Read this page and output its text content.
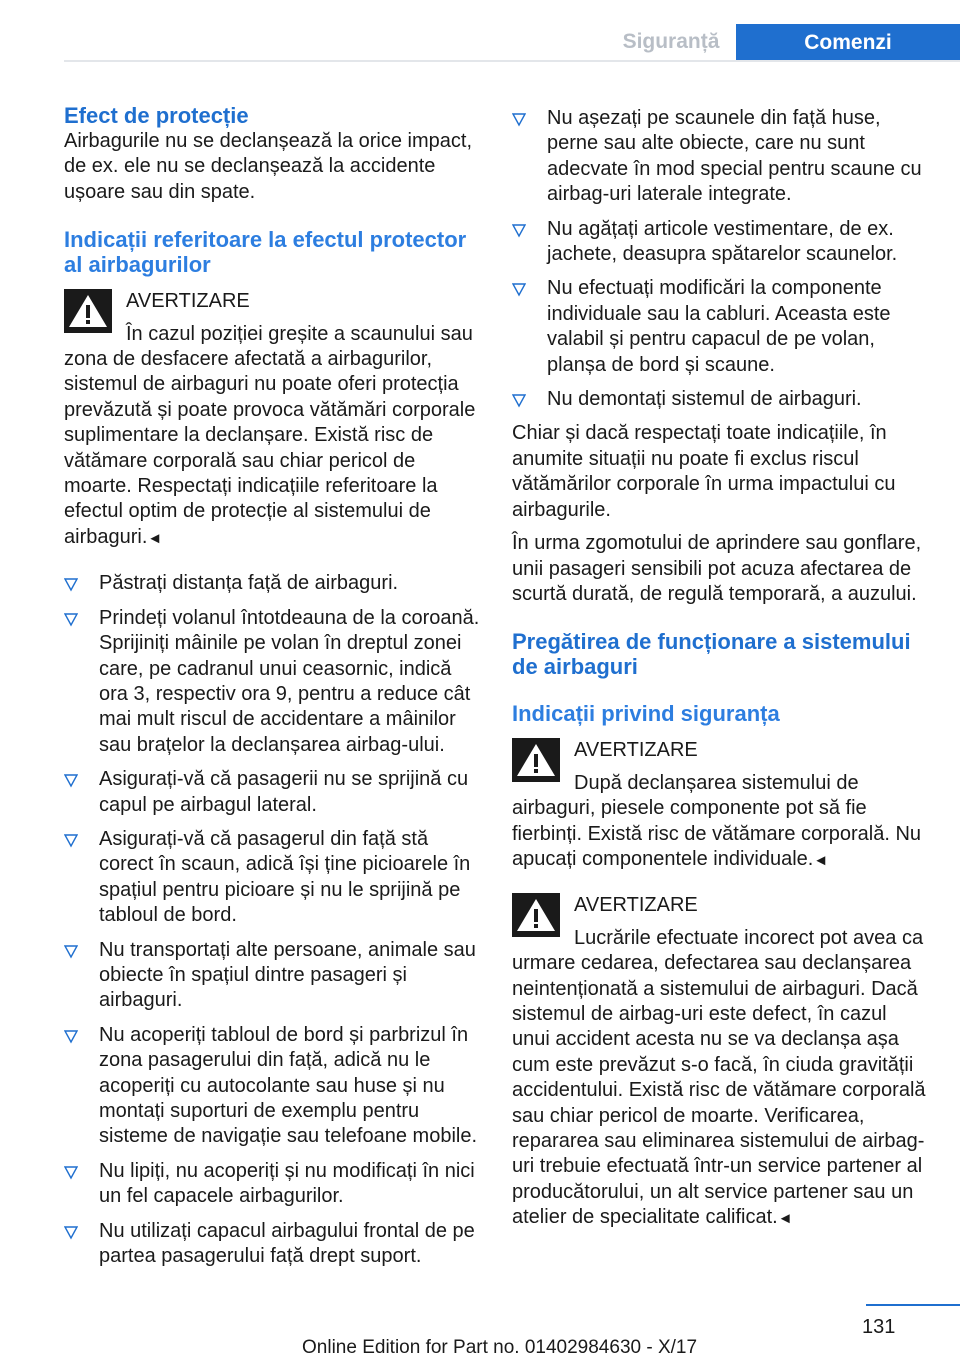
Siguranță	Comenzi
Efect de protecție

Airbagurile nu se declanșează la orice impact, de ex. ele nu se declanșează la accidente ușoare sau din spate.

Indicații referitoare la efectul protector al airbagurilor
AVERTIZARE
În cazul poziției greșite a scaunului sau zona de desfacere afectată a airbagurilor, sistemul de airbaguri nu poate oferi protecția prevăzută și poate provoca vătămări corporale suplimentare la declanșare. Există risc de vătămare corporală sau chiar pericol de moarte. Respectați indicațiile referitoare la efectul optim de protecție al sistemului de airbaguri.◄
Păstrați distanța față de airbaguri.
Prindeți volanul întotdeauna de la coroană. Sprijiniți mâinile pe volan în dreptul zonei care, pe cadranul unui ceasornic, indică ora 3, respectiv ora 9, pentru a reduce cât mai mult riscul de accidentare a mâinilor sau brațelor la declanșarea airbag-ului.
Asigurați-vă că pasagerii nu se sprijină cu capul pe airbagul lateral.
Asigurați-vă că pasagerul din față stă corect în scaun, adică își ține picioarele în spațiul pentru picioare și nu le sprijină pe tabloul de bord.
Nu transportați alte persoane, animale sau obiecte în spațiul dintre pasageri și airbaguri.
Nu acoperiți tabloul de bord și parbrizul în zona pasagerului din față, adică nu le acoperiți cu autocolante sau huse și nu montați suporturi de exemplu pentru sisteme de navigație sau telefoane mobile.
Nu lipiți, nu acoperiți și nu modificați în nici un fel capacele airbagurilor.
Nu utilizați capacul airbagului frontal de pe partea pasagerului față drept suport.
Nu așezați pe scaunele din față huse, perne sau alte obiecte, care nu sunt adecvate în mod special pentru scaune cu airbag-uri laterale integrate.
Nu agățați articole vestimentare, de ex. jachete, deasupra spătarelor scaunelor.
Nu efectuați modificări la componente individuale sau la cabluri. Aceasta este valabil și pentru capacul de pe volan, planșa de bord și scaune.
Nu demontați sistemul de airbaguri.

Chiar și dacă respectați toate indicațiile, în anumite situații nu poate fi exclus riscul vătămărilor corporale în urma impactului cu airbagurile.

În urma zgomotului de aprindere sau gonflare, unii pasageri sensibili pot acuza afectarea de scurtă durată, de regulă temporară, a auzului.

Pregătirea de funcționare a sistemului de airbaguri
Indicații privind siguranța
AVERTIZARE
După declanșarea sistemului de airbaguri, piesele componente pot să fie fierbinți. Există risc de vătămare corporală. Nu apucați componentele individuale.◄
AVERTIZARE
Lucrările efectuate incorect pot avea ca urmare cedarea, defectarea sau declanșarea neintenționată a sistemului de airbaguri. Dacă sistemul de airbag-uri este defect, în cazul unui accident acesta nu se va declanșa așa cum este prevăzut s-o facă, în ciuda gravității accidentului. Există risc de vătămare corporală sau chiar pericol de moarte. Verificarea, repararea sau eliminarea sistemului de airbag-uri trebuie efectuată într-un service partener al producătorului, un alt service partener sau un atelier de specialitate calificat.◄
131
Online Edition for Part no. 01402984630 - X/17
